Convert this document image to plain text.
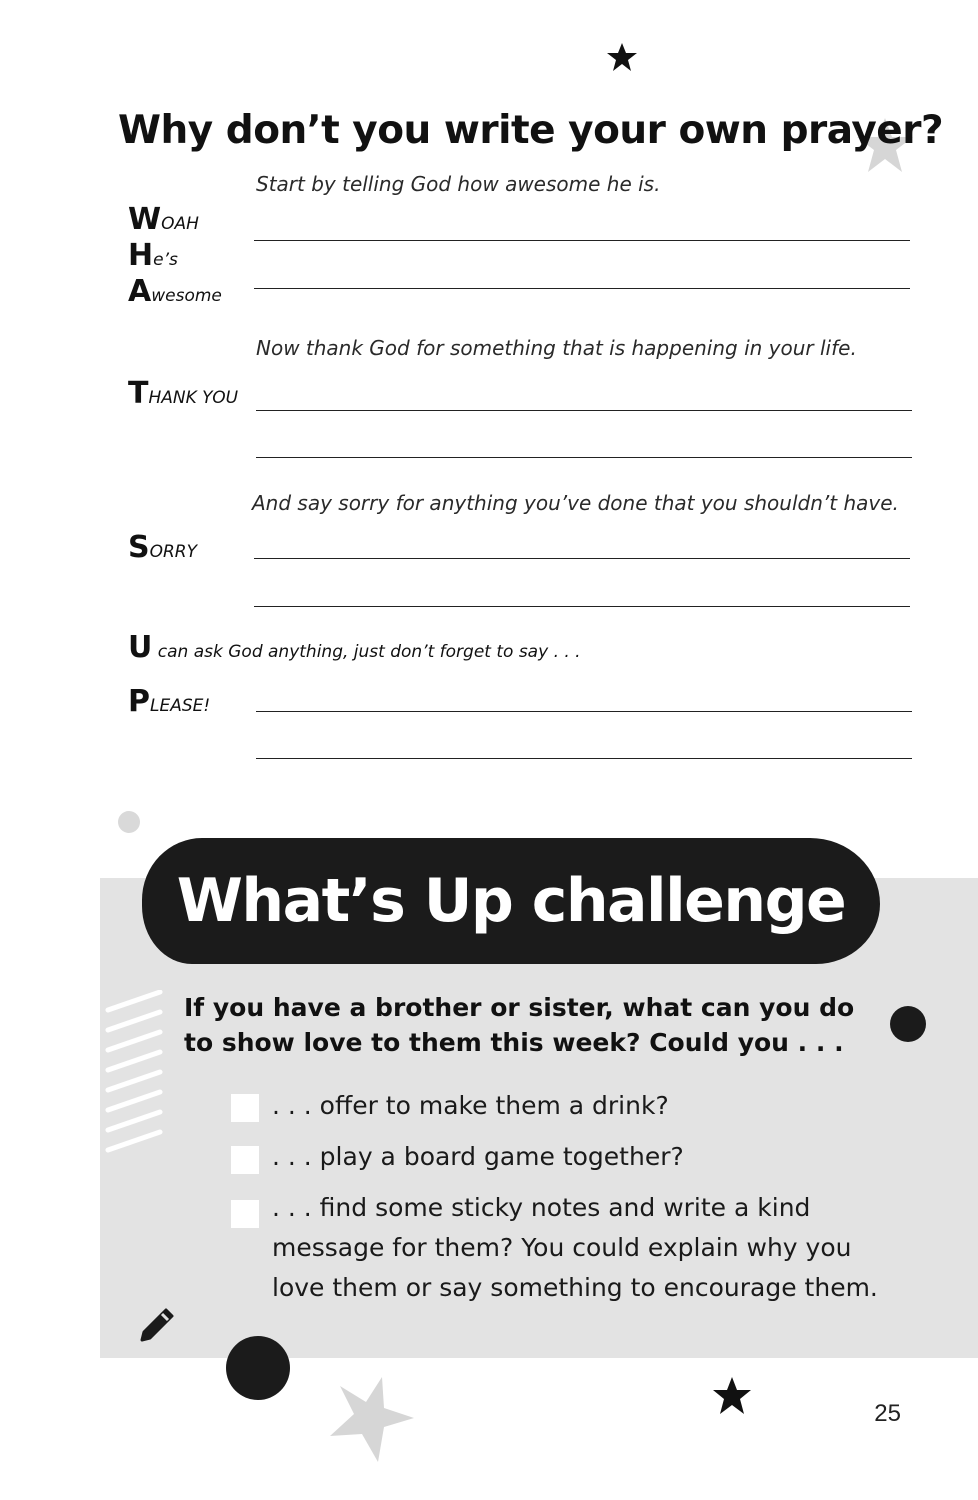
Why don’t you write your own prayer?
Start by telling God how awesome he is.
WOAH
He’s
Awesome
Now thank God for something that is happening in your life.
THANK YOU
And say sorry for anything you’ve done that you shouldn’t have.
SORRY
U can ask God anything, just don’t forget to say . . .
PLEASE!
What’s Up challenge
If you have a brother or sister, what can you do to show love to them this week? Could you . . .
. . . offer to make them a drink?
. . . play a board game together?
. . . find some sticky notes and write a kind message for them? You could explain why you love them or say something to encourage them.
25
